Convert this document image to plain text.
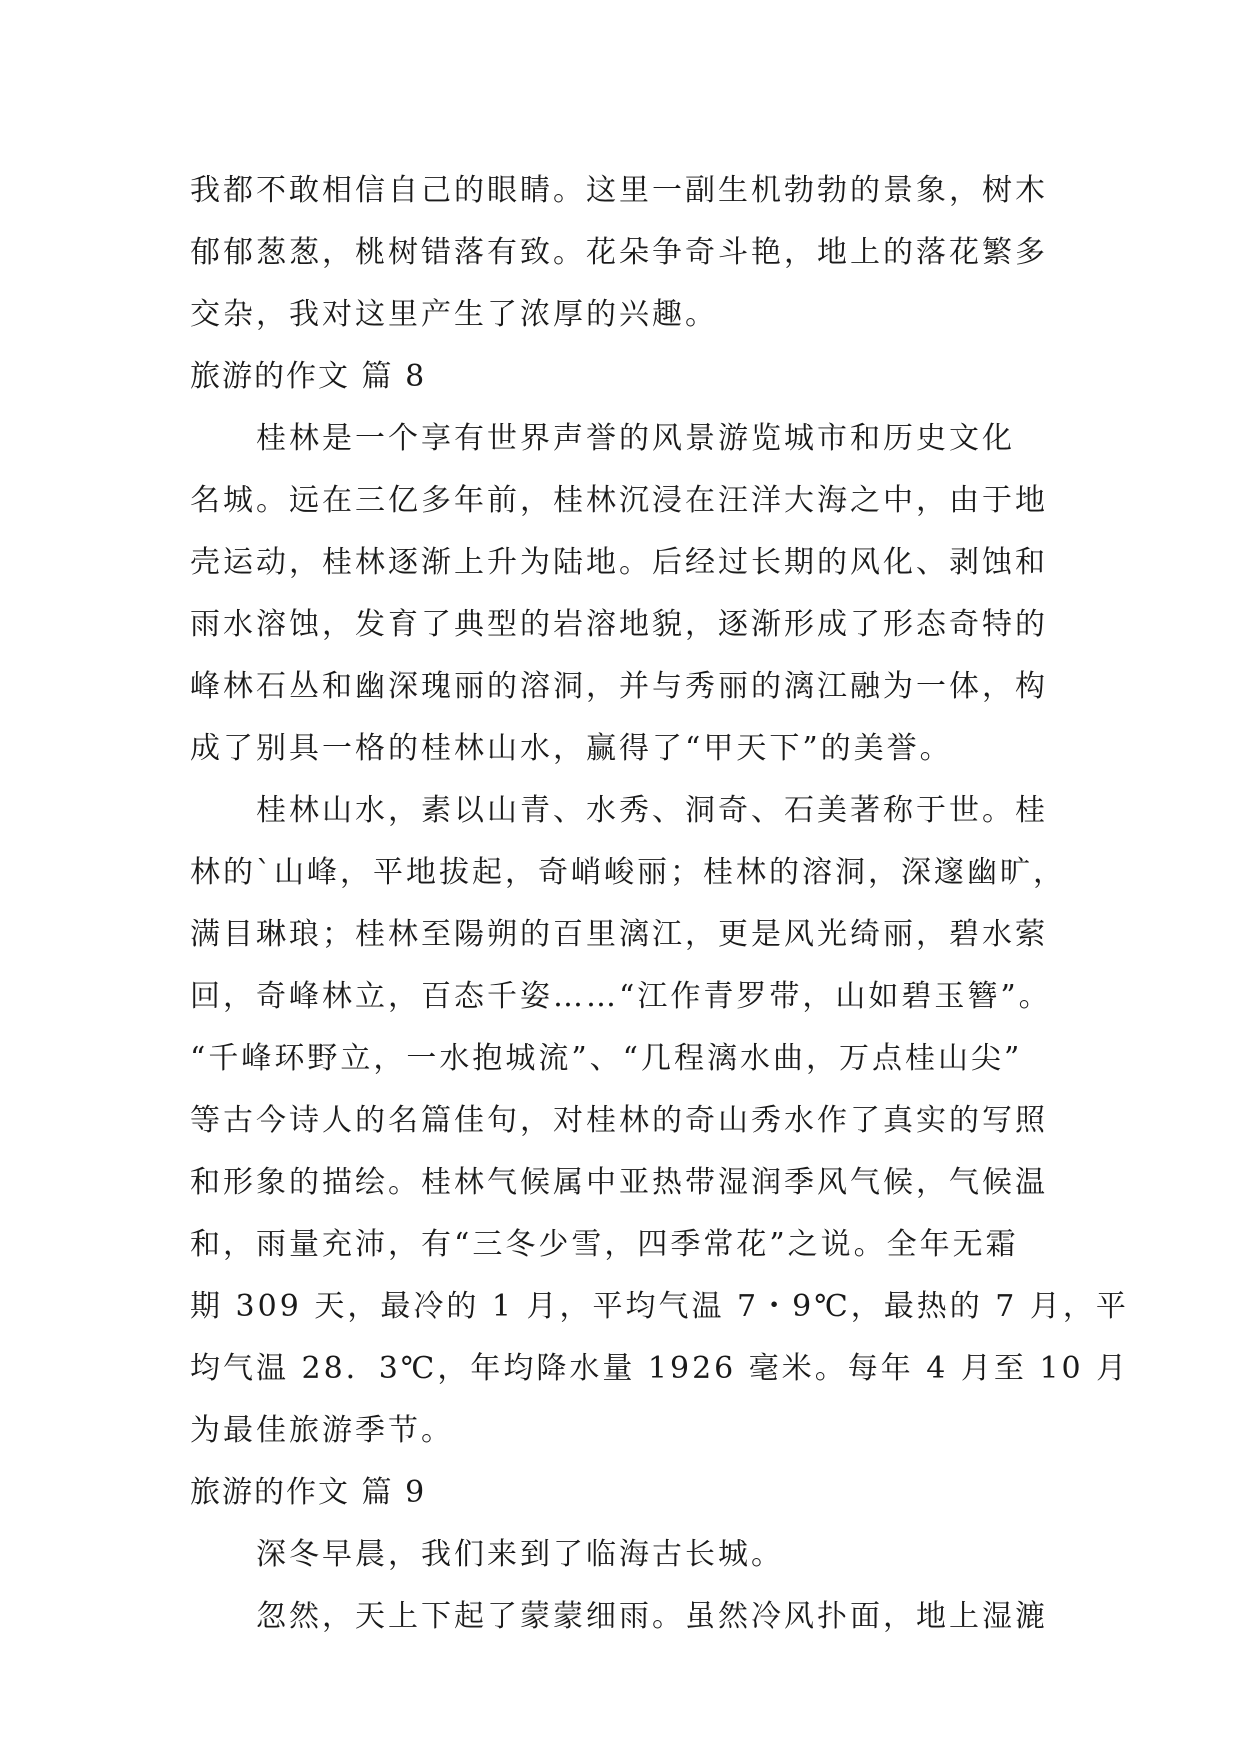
我都不敢相信自己的眼睛。这里一副生机勃勃的景象，树木
郁郁葱葱，桃树错落有致。花朵争奇斗艳，地上的落花繁多
交杂，我对这里产生了浓厚的兴趣。
旅游的作文 篇 8
桂林是一个享有世界声誉的风景游览城市和历史文化
名城。远在三亿多年前，桂林沉浸在汪洋大海之中，由于地
壳运动，桂林逐渐上升为陆地。后经过长期的风化、剥蚀和
雨水溶蚀，发育了典型的岩溶地貌，逐渐形成了形态奇特的
峰林石丛和幽深瑰丽的溶洞，并与秀丽的漓江融为一体，构
成了别具一格的桂林山水，赢得了“甲天下”的美誉。
桂林山水，素以山青、水秀、洞奇、石美著称于世。桂
林的`山峰，平地拔起，奇峭峻丽；桂林的溶洞，深邃幽旷，
满目琳琅；桂林至陽朔的百里漓江，更是风光绮丽，碧水萦
回，奇峰林立，百态千姿……“江作青罗带，山如碧玉簪”。
“千峰环野立，一水抱城流”、“几程漓水曲，万点桂山尖”
等古今诗人的名篇佳句，对桂林的奇山秀水作了真实的写照
和形象的描绘。桂林气候属中亚热带湿润季风气候，气候温
和，雨量充沛，有“三冬少雪，四季常花”之说。全年无霜
期 309 天，最冷的 1 月，平均气温 7・9℃，最热的 7 月，平
均气温 28．3℃，年均降水量 1926 毫米。每年 4 月至 10 月
为最佳旅游季节。
旅游的作文 篇 9
深冬早晨，我们来到了临海古长城。
忽然，天上下起了蒙蒙细雨。虽然冷风扑面，地上湿漉
